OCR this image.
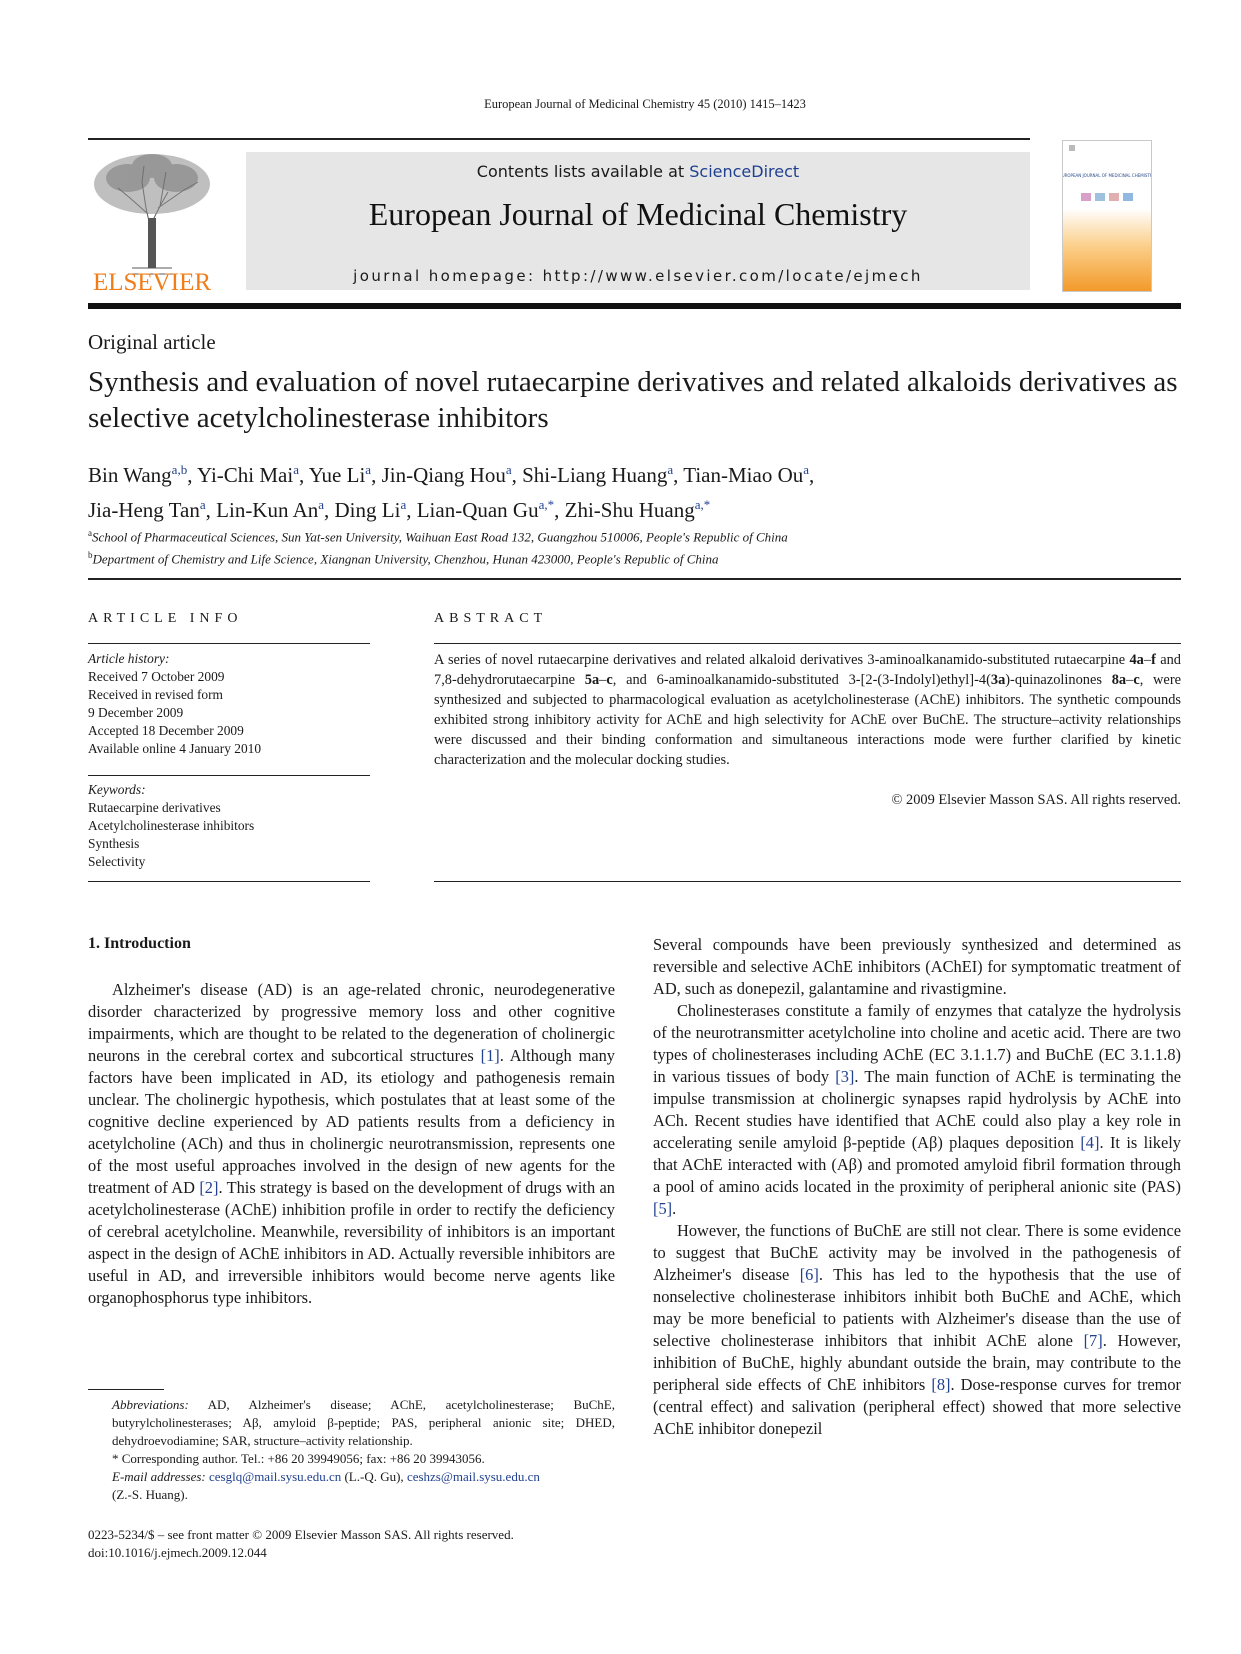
European Journal of Medicinal Chemistry 45 (2010) 1415–1423
ELSEVIER
Contents lists available at ScienceDirect
European Journal of Medicinal Chemistry
journal homepage: http://www.elsevier.com/locate/ejmech
EUROPEAN JOURNAL OF MEDICINAL CHEMISTRY
Original article
Synthesis and evaluation of novel rutaecarpine derivatives and related alkaloids derivatives as selective acetylcholinesterase inhibitors
Bin Wang$^{a,b}$, Yi-Chi Mai$^a$, Yue Li$^a$, Jin-Qiang Hou$^a$, Shi-Liang Huang$^a$, Tian-Miao Ou$^a$,
Jia-Heng Tan$^a$, Lin-Kun An$^a$, Ding Li$^a$, Lian-Quan $Gu^{a,*}$, Zhi-Shu Huang$^{a,*}$
$^a$School of Pharmaceutical Sciences, Sun Yat-sen University, Waihuan East Road 132, Guangzhou 510006, People's Republic of China
$^b$Department of Chemistry and Life Science, Xiangnan University, Chenzhou, Hunan 423000, People's Republic of China
ARTICLE INFO	ABSTRACT
Article history:
Received 7 October 2009
Received in revised form
9 December 2009
Accepted 18 December 2009
Available online 4 January 2010
Keywords:
Rutaecarpine derivatives
Acetylcholinesterase inhibitors
Synthesis
Selectivity
A series of novel rutaecarpine derivatives and related alkaloid derivatives 3-aminoalkanamido-substituted rutaecarpine 4a–f and 7,8-dehydrorutaecarpine 5a–c, and 6-aminoalkanamido-substituted 3-[2-(3-Indolyl)ethyl]-4(3a)-quinazolinones 8a–c, were synthesized and subjected to pharmacological evaluation as acetylcholinesterase (AChE) inhibitors. The synthetic compounds exhibited strong inhibitory activity for AChE and high selectivity for AChE over BuChE. The structure–activity relationships were discussed and their binding conformation and simultaneous interactions mode were further clarified by kinetic characterization and the molecular docking studies.
© 2009 Elsevier Masson SAS. All rights reserved.
1. Introduction

Alzheimer's disease (AD) is an age-related chronic, neurodegenerative disorder characterized by progressive memory loss and other cognitive impairments, which are thought to be related to the degeneration of cholinergic neurons in the cerebral cortex and subcortical structures [1]. Although many factors have been implicated in AD, its etiology and pathogenesis remain unclear. The cholinergic hypothesis, which postulates that at least some of the cognitive decline experienced by AD patients results from a deficiency in acetylcholine (ACh) and thus in cholinergic neurotransmission, represents one of the most useful approaches involved in the design of new agents for the treatment of AD [2]. This strategy is based on the development of drugs with an acetylcholinesterase (AChE) inhibition profile in order to rectify the deficiency of cerebral acetylcholine. Meanwhile, reversibility of inhibitors is an important aspect in the design of AChE inhibitors in AD. Actually reversible inhibitors are useful in AD, and irreversible inhibitors would become nerve agents like organophosphorus type inhibitors.

Several compounds have been previously synthesized and determined as reversible and selective AChE inhibitors (AChEI) for symptomatic treatment of AD, such as donepezil, galantamine and rivastigmine.

Cholinesterases constitute a family of enzymes that catalyze the hydrolysis of the neurotransmitter acetylcholine into choline and acetic acid. There are two types of cholinesterases including AChE (EC 3.1.1.7) and BuChE (EC 3.1.1.8) in various tissues of body [3]. The main function of AChE is terminating the impulse transmission at cholinergic synapses rapid hydrolysis by AChE into ACh. Recent studies have identified that AChE could also play a key role in accelerating senile amyloid β-peptide (Aβ) plaques deposition [4]. It is likely that AChE interacted with (Aβ) and promoted amyloid fibril formation through a pool of amino acids located in the proximity of peripheral anionic site (PAS) [5].

However, the functions of BuChE are still not clear. There is some evidence to suggest that BuChE activity may be involved in the pathogenesis of Alzheimer's disease [6]. This has led to the hypothesis that the use of nonselective cholinesterase inhibitors inhibit both BuChE and AChE, which may be more beneficial to patients with Alzheimer's disease than the use of selective cholinesterase inhibitors that inhibit AChE alone [7]. However, inhibition of BuChE, highly abundant outside the brain, may contribute to the peripheral side effects of ChE inhibitors [8]. Dose-response curves for tremor (central effect) and salivation (peripheral effect) showed that more selective AChE inhibitor donepezil

Abbreviations: AD, Alzheimer's disease; AChE, acetylcholinesterase; BuChE, butyrylcholinesterases; Aβ, amyloid β-peptide; PAS, peripheral anionic site; DHED, dehydroevodiamine; SAR, structure–activity relationship.

* Corresponding author. Tel.: +86 20 39949056; fax: +86 20 39943056.

E-mail addresses: cesglq@mail.sysu.edu.cn (L.-Q. Gu), ceshzs@mail.sysu.edu.cn
(Z.-S. Huang).

0223-5234/$ – see front matter © 2009 Elsevier Masson SAS. All rights reserved.
doi:10.1016/j.ejmech.2009.12.044
